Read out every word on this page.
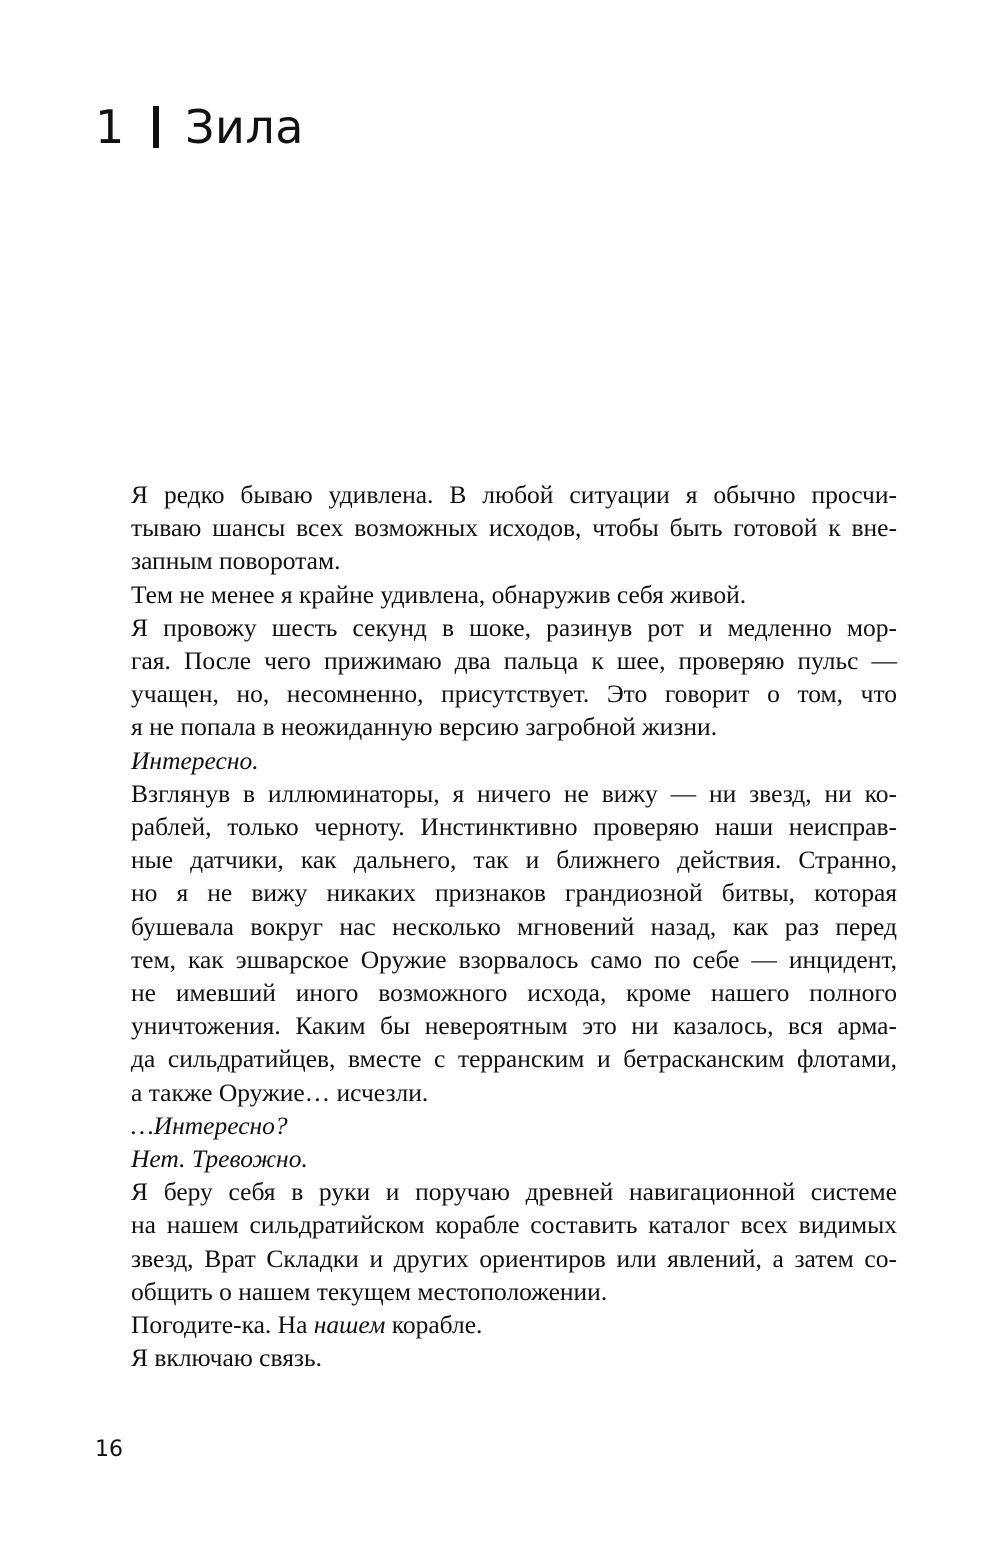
1	Зила

Я редко бываю удивлена. В любой ситуации я обычно просчи-
тываю шансы всех возможных исходов, чтобы быть готовой к вне-
запным поворотам.

Тем не менее я крайне удивлена, обнаружив себя живой.

Я провожу шесть секунд в шоке, разинув рот и медленно мор-
гая. После чего прижимаю два пальца к шее, проверяю пульс —
учащен, но, несомненно, присутствует. Это говорит о том, что
я не попала в неожиданную версию загробной жизни.

Интересно.

Взглянув в иллюминаторы, я ничего не вижу — ни звезд, ни ко-
раблей, только черноту. Инстинктивно проверяю наши неисправ-
ные датчики, как дальнего, так и ближнего действия. Странно,
но я не вижу никаких признаков грандиозной битвы, которая
бушевала вокруг нас несколько мгновений назад, как раз перед
тем, как эшварское Оружие взорвалось само по себе — инцидент,
не имевший иного возможного исхода, кроме нашего полного
уничтожения. Каким бы невероятным это ни казалось, вся арма-
да сильдратийцев, вместе с терранским и бетрасканским флотами,
а также Оружие… исчезли.

…Интересно?

Нет. Тревожно.

Я беру себя в руки и поручаю древней навигационной системе
на нашем сильдратийском корабле составить каталог всех видимых
звезд, Врат Складки и других ориентиров или явлений, а затем со-
общить о нашем текущем местоположении.

Погодите-ка. На нашем корабле.

Я включаю связь.

16
